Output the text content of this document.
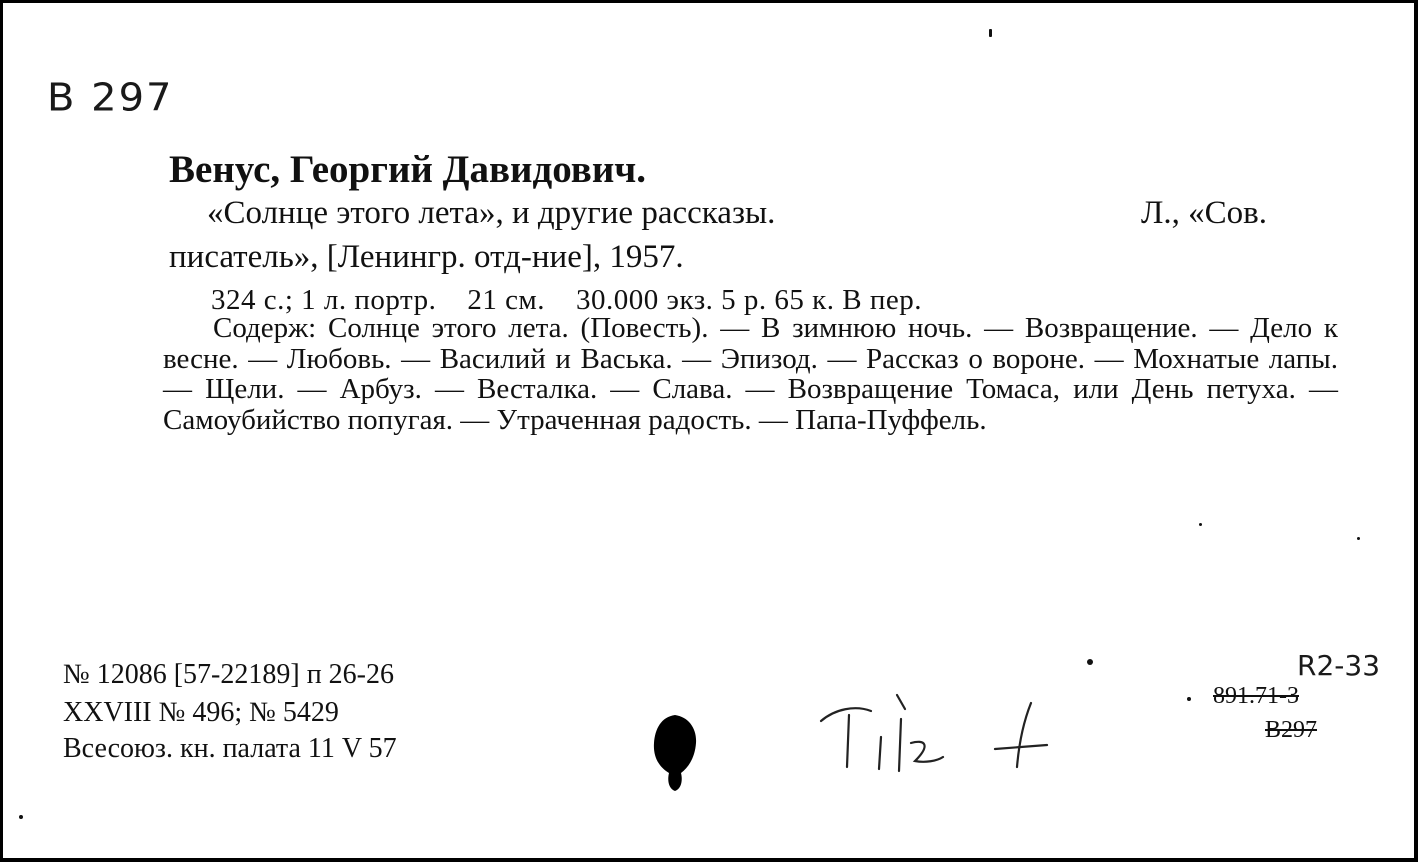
B 297
Венус, Георгий Давидович.
«Солнце этого лета», и другие рассказы.	Л., «Сов.
писатель», [Ленингр. отд-ние], 1957.
324 с.; 1 л. портр.    21 см.    30.000 экз. 5 р. 65 к. В пер.
Содерж: Солнце этого лета. (Повесть). — В зимнюю ночь. — Возвращение. — Дело к весне. — Любовь. — Василий и Васька. — Эпизод. — Рассказ о вороне. — Мохнатые лапы. — Щели. — Арбуз. — Весталка. — Слава. — Возвращение Томаса, или День петуха. — Самоубийство попугая. — Утраченная радость. — Папа-Пуффель.
№ 12086 [57-22189] п 26-26
XXVIII № 496; № 5429
Всесоюз. кн. палата 11 V 57
R2-33
891.71-3
B297
